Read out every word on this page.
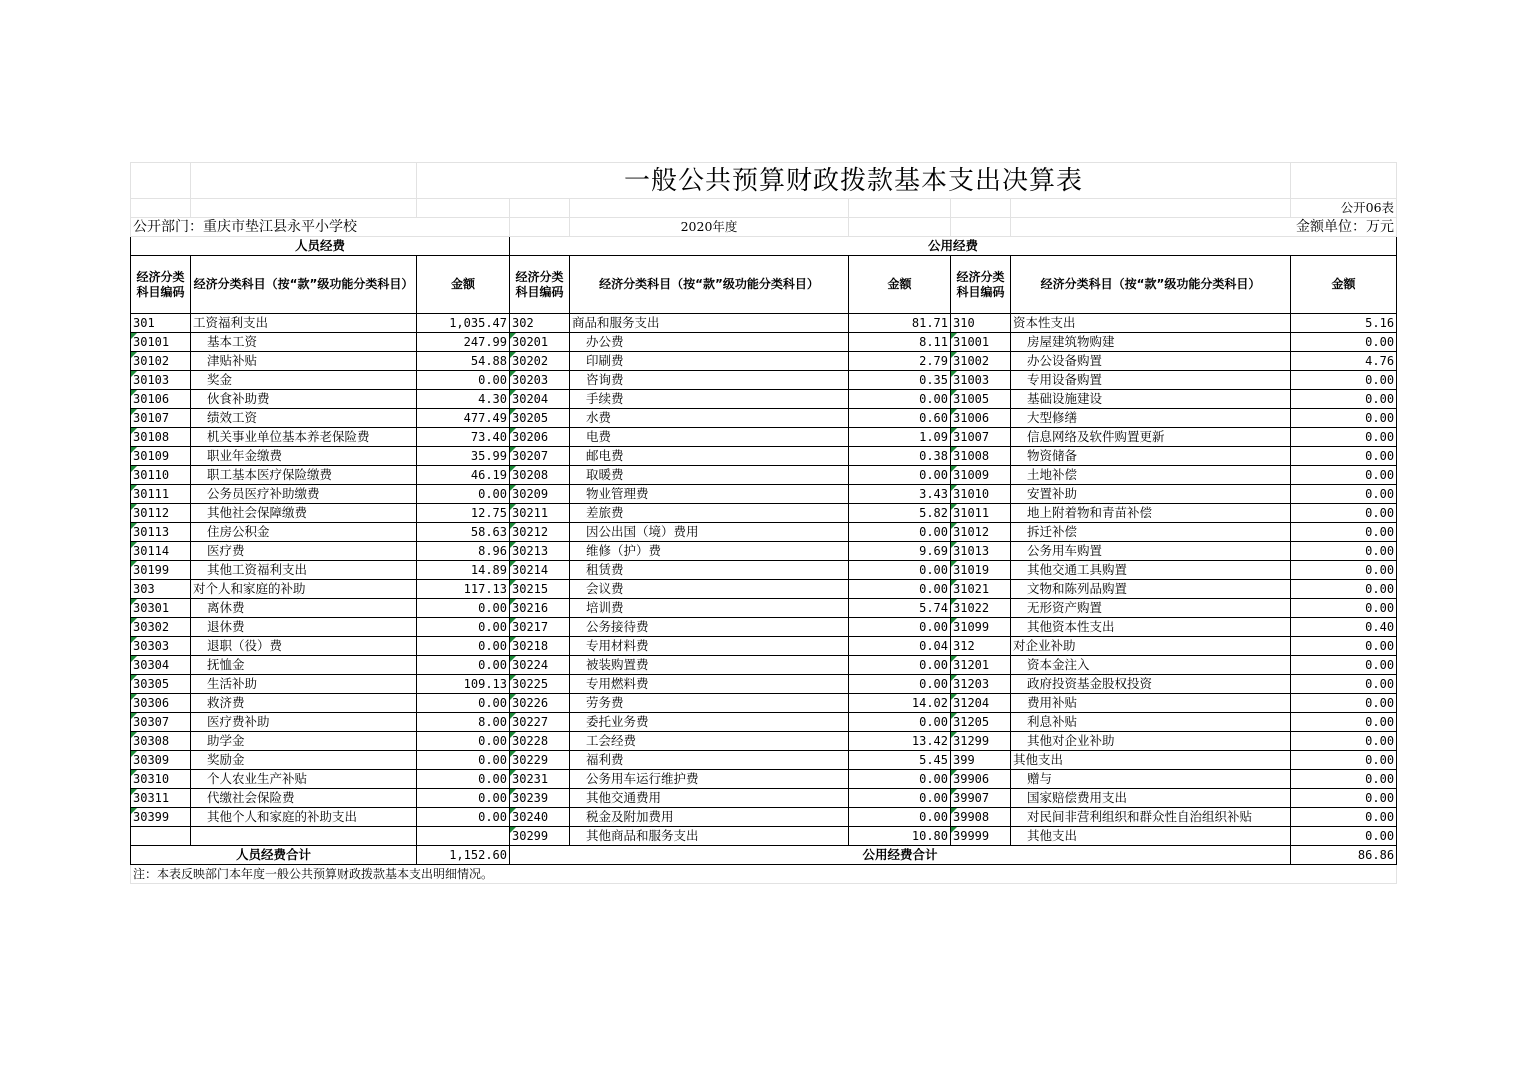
		一般公共预算财政拨款基本支出决算表						
								公开06表
公开部门：重庆市垫江县永平小学校				2020年度			金额单位：万元	
人员经费			公用经费					
经济分类科目编码	经济分类科目（按“款”级功能分类科目）	金额	经济分类科目编码	经济分类科目（按“款”级功能分类科目）	金额	经济分类科目编码	经济分类科目（按“款”级功能分类科目）	金额
301	工资福利支出	1,035.47	302	商品和服务支出	81.71	310	资本性支出	5.16
30101	基本工资	247.99	30201	办公费	8.11	31001	房屋建筑物购建	0.00
30102	津贴补贴	54.88	30202	印刷费	2.79	31002	办公设备购置	4.76
30103	奖金	0.00	30203	咨询费	0.35	31003	专用设备购置	0.00
30106	伙食补助费	4.30	30204	手续费	0.00	31005	基础设施建设	0.00
30107	绩效工资	477.49	30205	水费	0.60	31006	大型修缮	0.00
30108	机关事业单位基本养老保险费	73.40	30206	电费	1.09	31007	信息网络及软件购置更新	0.00
30109	职业年金缴费	35.99	30207	邮电费	0.38	31008	物资储备	0.00
30110	职工基本医疗保险缴费	46.19	30208	取暖费	0.00	31009	土地补偿	0.00
30111	公务员医疗补助缴费	0.00	30209	物业管理费	3.43	31010	安置补助	0.00
30112	其他社会保障缴费	12.75	30211	差旅费	5.82	31011	地上附着物和青苗补偿	0.00
30113	住房公积金	58.63	30212	因公出国（境）费用	0.00	31012	拆迁补偿	0.00
30114	医疗费	8.96	30213	维修（护）费	9.69	31013	公务用车购置	0.00
30199	其他工资福利支出	14.89	30214	租赁费	0.00	31019	其他交通工具购置	0.00
303	对个人和家庭的补助	117.13	30215	会议费	0.00	31021	文物和陈列品购置	0.00
30301	离休费	0.00	30216	培训费	5.74	31022	无形资产购置	0.00
30302	退休费	0.00	30217	公务接待费	0.00	31099	其他资本性支出	0.40
30303	退职（役）费	0.00	30218	专用材料费	0.04	312	对企业补助	0.00
30304	抚恤金	0.00	30224	被装购置费	0.00	31201	资本金注入	0.00
30305	生活补助	109.13	30225	专用燃料费	0.00	31203	政府投资基金股权投资	0.00
30306	救济费	0.00	30226	劳务费	14.02	31204	费用补贴	0.00
30307	医疗费补助	8.00	30227	委托业务费	0.00	31205	利息补贴	0.00
30308	助学金	0.00	30228	工会经费	13.42	31299	其他对企业补助	0.00
30309	奖励金	0.00	30229	福利费	5.45	399	其他支出	0.00
30310	个人农业生产补贴	0.00	30231	公务用车运行维护费	0.00	39906	赠与	0.00
30311	代缴社会保险费	0.00	30239	其他交通费用	0.00	39907	国家赔偿费用支出	0.00
30399	其他个人和家庭的补助支出	0.00	30240	税金及附加费用	0.00	39908	对民间非营利组织和群众性自治组织补贴	0.00
			30299	其他商品和服务支出	10.80	39999	其他支出	0.00
人员经费合计		1,152.60	公用经费合计					86.86
注：本表反映部门本年度一般公共预算财政拨款基本支出明细情况。								
